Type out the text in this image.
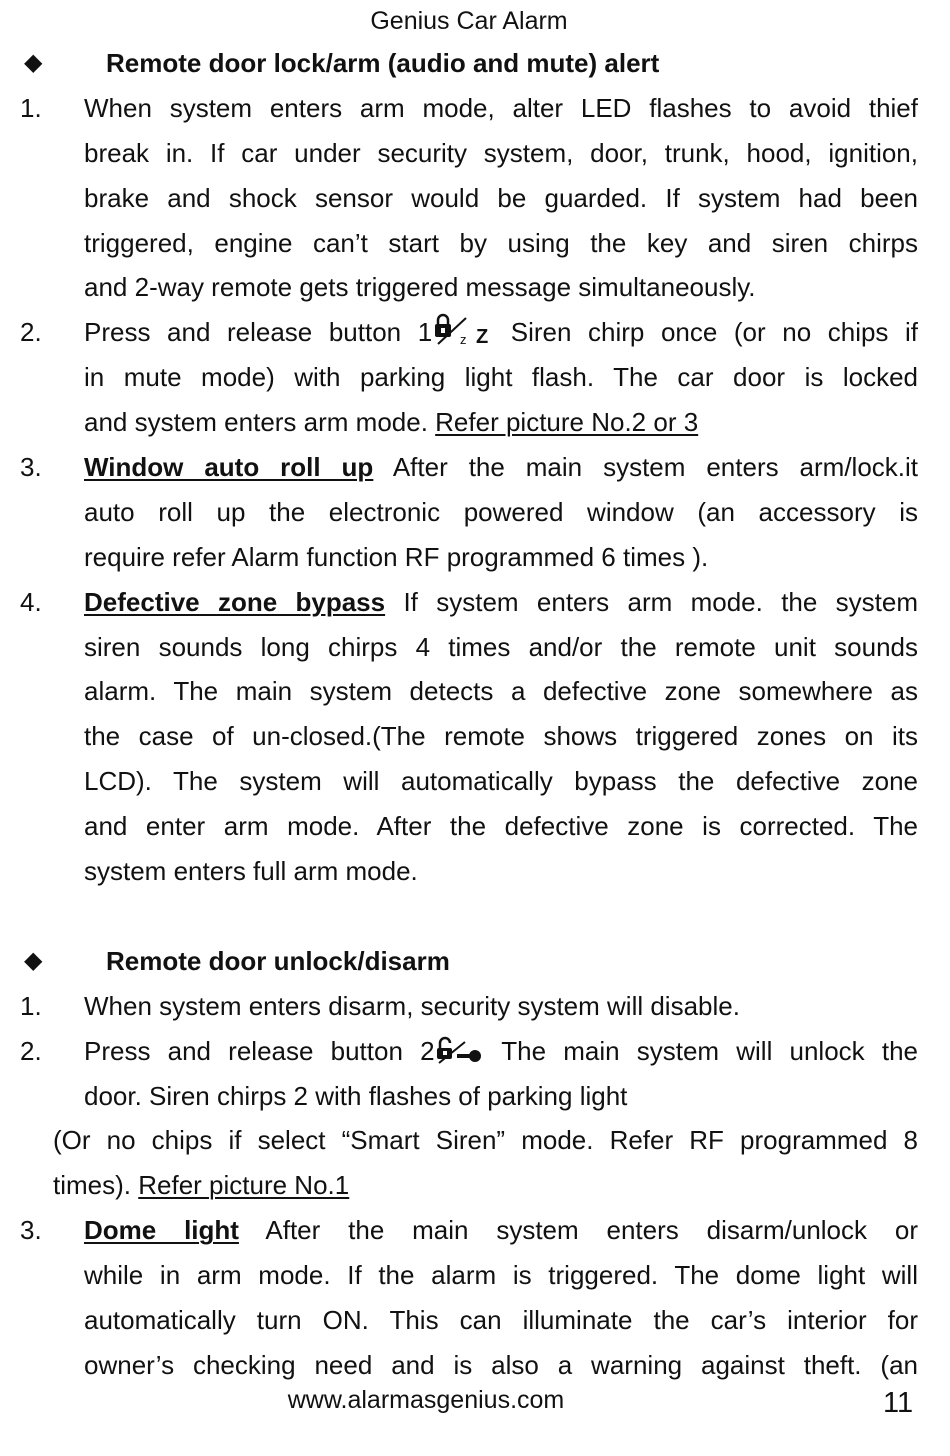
Genius Car Alarm
◆ Remote door lock/arm (audio and mute) alert
1. When system enters arm mode, alter LED flashes to avoid thief
break in. If car under security system, door, trunk, hood, ignition,
brake and shock sensor would be guarded. If system had been
triggered, engine can’t start by using the key and siren chirps
and 2-way remote gets triggered message simultaneously.
2. Press and release button 1 z Z Siren chirp once (or no chips if
in mute mode) with parking light flash. The car door is locked
and system enters arm mode. Refer picture No.2 or 3
3. Window auto roll up After the main system enters arm/lock.it
auto roll up the electronic powered window (an accessory is
require refer Alarm function RF programmed 6 times ).
4. Defective zone bypass If system enters arm mode. the system
siren sounds long chirps 4 times and/or the remote unit sounds
alarm. The main system detects a defective zone somewhere as
the case of un-closed.(The remote shows triggered zones on its
LCD). The system will automatically bypass the defective zone
and enter arm mode. After the defective zone is corrected. The
system enters full arm mode.
◆ Remote door unlock/disarm
1. When system enters disarm, security system will disable.
2. Press and release button 2	The main system will unlock the
door. Siren chirps 2 with flashes of parking light
(Or no chips if select “Smart Siren” mode. Refer RF programmed 8
times). Refer picture No.1
3. Dome light After the main system enters disarm/unlock or
while in arm mode. If the alarm is triggered. The dome light will
automatically turn ON. This can illuminate the car’s interior for
owner’s checking need and is also a warning against theft. (an
www.alarmasgenius.com	11
